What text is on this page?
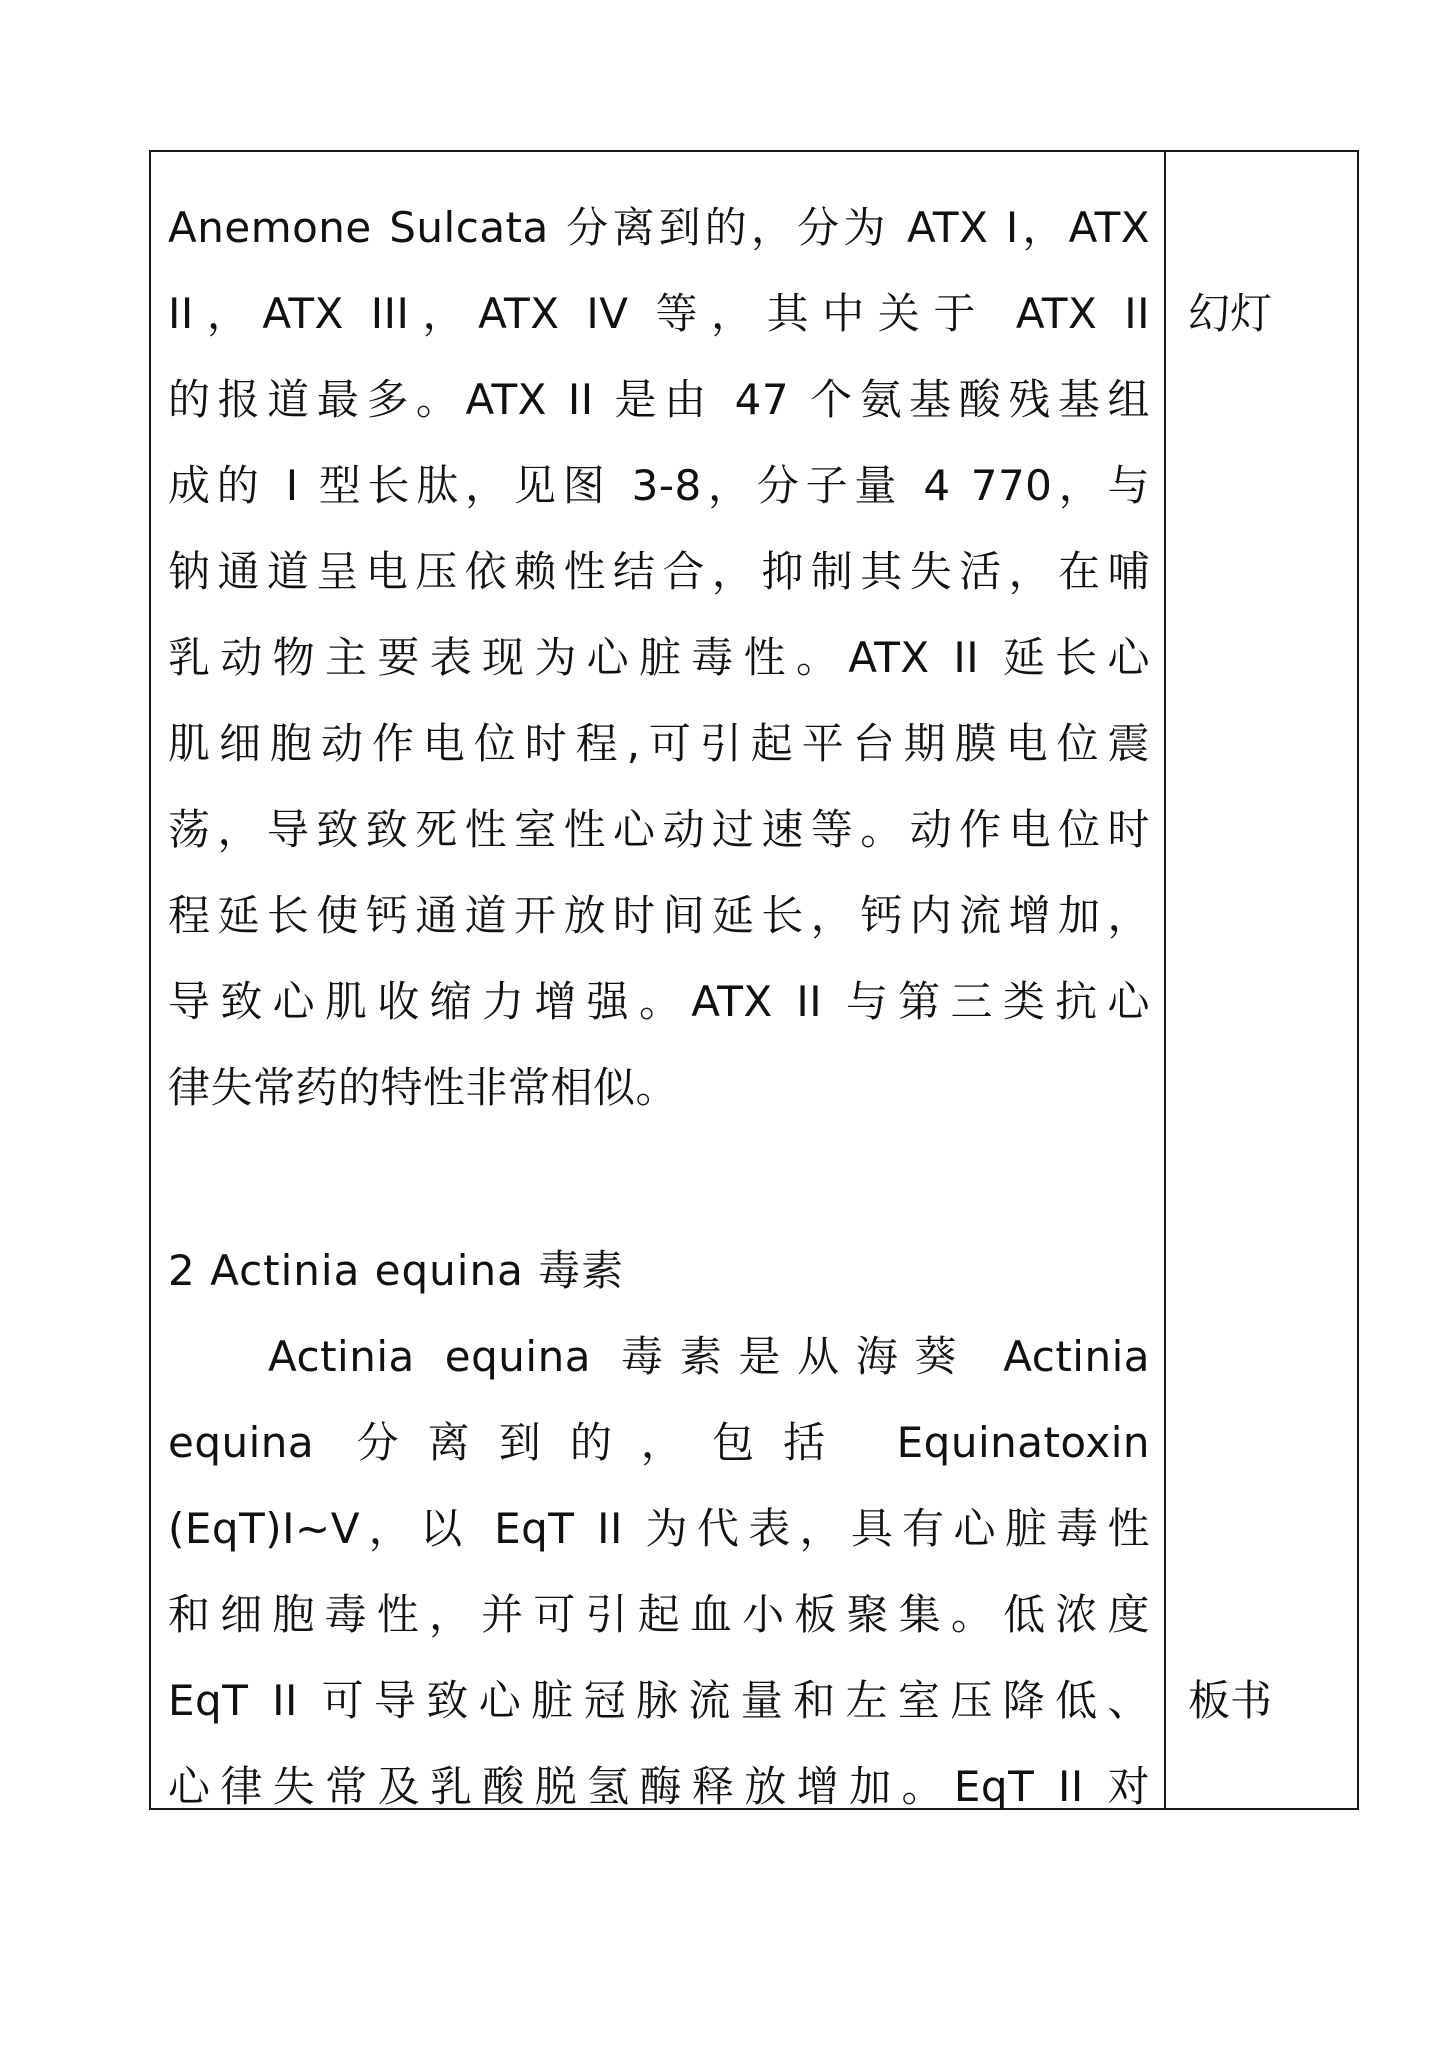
Anemone Sulcata 分离到的，分为 ATX I，ATX
II，ATX III，ATX IV 等，其中关于 ATX II
的报道最多。ATX II 是由 47 个氨基酸残基组
成的 I 型长肽，见图 3-8，分子量 4 770，与
钠通道呈电压依赖性结合，抑制其失活，在哺
乳动物主要表现为心脏毒性。ATX II 延长心
肌细胞动作电位时程,可引起平台期膜电位震
荡，导致致死性室性心动过速等。动作电位时
程延长使钙通道开放时间延长，钙内流增加，
导致心肌收缩力增强。ATX II 与第三类抗心
律失常药的特性非常相似。
2 Actinia equina 毒素
Actinia equina 毒素是从海葵 Actinia
equina 分离到的，包括 Equinatoxin
(EqT)I~V，以 EqT II 为代表，具有心脏毒性
和细胞毒性，并可引起血小板聚集。低浓度
EqT II 可导致心脏冠脉流量和左室压降低、
心律失常及乳酸脱氢酶释放增加。EqT II 对
幻灯
板书
